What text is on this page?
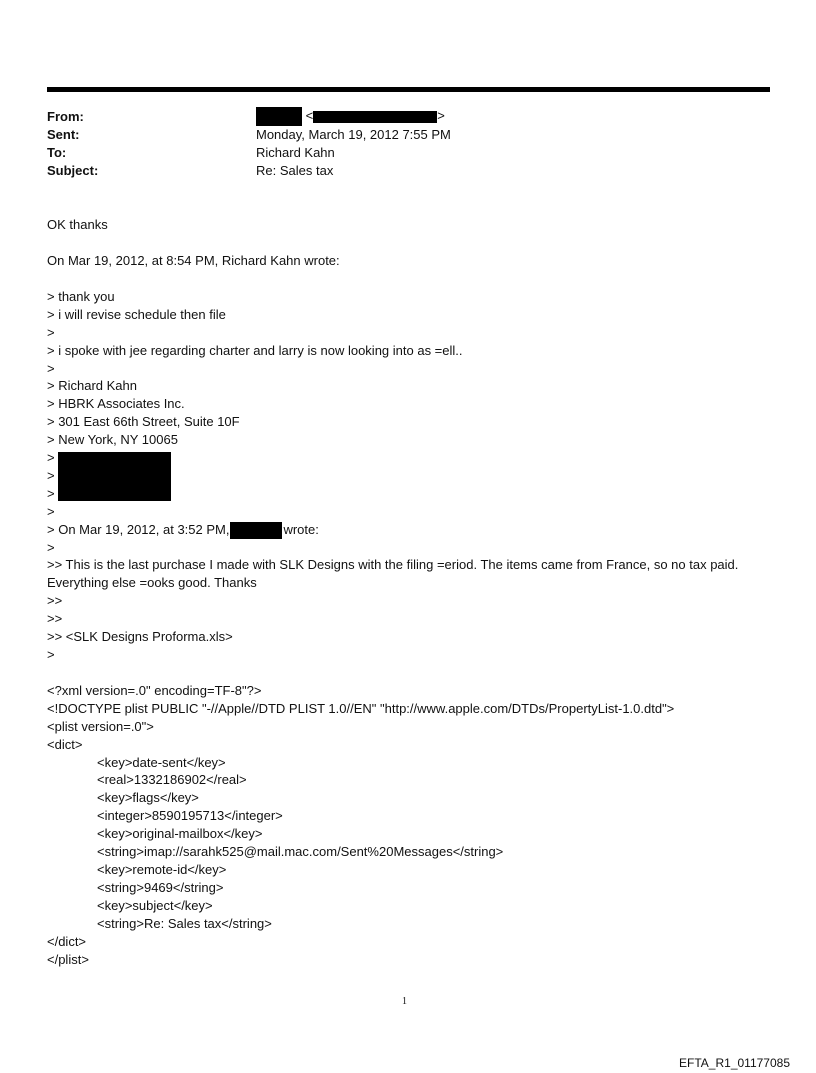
From:
Sent:
To:
Subject:
<	>
Monday, March 19, 2012 7:55 PM
Richard Kahn
Re: Sales tax
OK thanks
On Mar 19, 2012, at 8:54 PM, Richard Kahn wrote:
> thank you
> i will revise schedule then file
>
> i spoke with jee regarding charter and larry is now looking into as =ell..
>
> Richard Kahn
> HBRK Associates Inc.
> 301 East 66th Street, Suite 10F
> New York, NY 10065
>
>
>
>
> On Mar 19, 2012, at 3:52 PM,	wrote:
>
>> This is the last purchase I made with SLK Designs with the filing =eriod. The items came from France, so no tax paid.
Everything else =ooks good. Thanks
>>
>>
>> <SLK Designs Proforma.xls>
>
<?xml version=.0" encoding=TF-8"?>
<!DOCTYPE plist PUBLIC "-//Apple//DTD PLIST 1.0//EN" "http://www.apple.com/DTDs/PropertyList-1.0.dtd">
<plist version=.0">
<dict>
<key>date-sent</key>
<real>1332186902</real>
<key>flags</key>
<integer>8590195713</integer>
<key>original-mailbox</key>
<string>imap://sarahk525@mail.mac.com/Sent%20Messages</string>
<key>remote-id</key>
<string>9469</string>
<key>subject</key>
<string>Re: Sales tax</string>
</dict>
</plist>
1
EFTA_R1_01177085
